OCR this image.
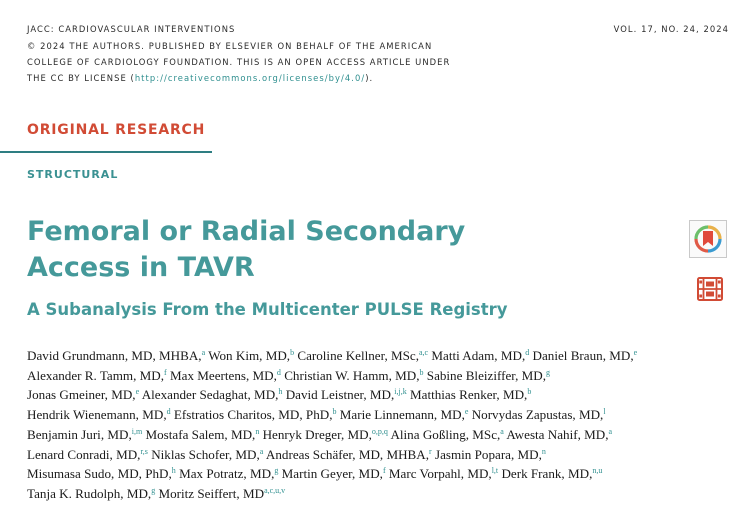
JACC: CARDIOVASCULAR INTERVENTIONS	VOL. 17, NO. 24, 2024
© 2024 THE AUTHORS. PUBLISHED BY ELSEVIER ON BEHALF OF THE AMERICAN
COLLEGE OF CARDIOLOGY FOUNDATION. THIS IS AN OPEN ACCESS ARTICLE UNDER
THE CC BY LICENSE (http://creativecommons.org/licenses/by/4.0/).
ORIGINAL RESEARCH
STRUCTURAL
Femoral or Radial Secondary
Access in TAVR
A Subanalysis From the Multicenter PULSE Registry
David Grundmann, MD, MHBA,$^a$ Won Kim, MD,$^b$ Caroline Kellner, MSc,$^{a,c}$ Matti Adam, MD,$^d$ Daniel Braun, MD,$^e$
Alexander R. Tamm, MD,$^f$ Max Meertens, MD,$^d$ Christian W. Hamm, MD,$^b$ Sabine Bleiziffer, MD,$^g$
Jonas Gmeiner, MD,$^e$ Alexander Sedaghat, MD,$^h$ David Leistner, MD,$^{i,j,k}$ Matthias Renker, MD,$^b$
Hendrik Wienemann, MD,$^d$ Efstratios Charitos, MD, PhD,$^b$ Marie Linnemann, MD,$^e$ Norvydas Zapustas, MD,$^l$
Benjamin Juri, MD,$^{i,m}$ Mostafa Salem, MD,$^n$ Henryk Dreger, MD,$^{o,p,q}$ Alina Goßling, MSc,$^a$ Awesta Nahif, MD,$^a$
Lenard Conradi, MD,$^{r,s}$ Niklas Schofer, MD,$^a$ Andreas Schäfer, MD, MHBA,$^r$ Jasmin Popara, MD,$^n$
Misumasa Sudo, MD, PhD,$^h$ Max Potratz, MD,$^g$ Martin Geyer, MD,$^f$ Marc Vorpahl, MD,$^{l,t}$ Derk Frank, MD,$^{n,u}$
Tanja K. Rudolph, MD,$^g$ Moritz Seiffert, MD$^{a,c,u,v}$
